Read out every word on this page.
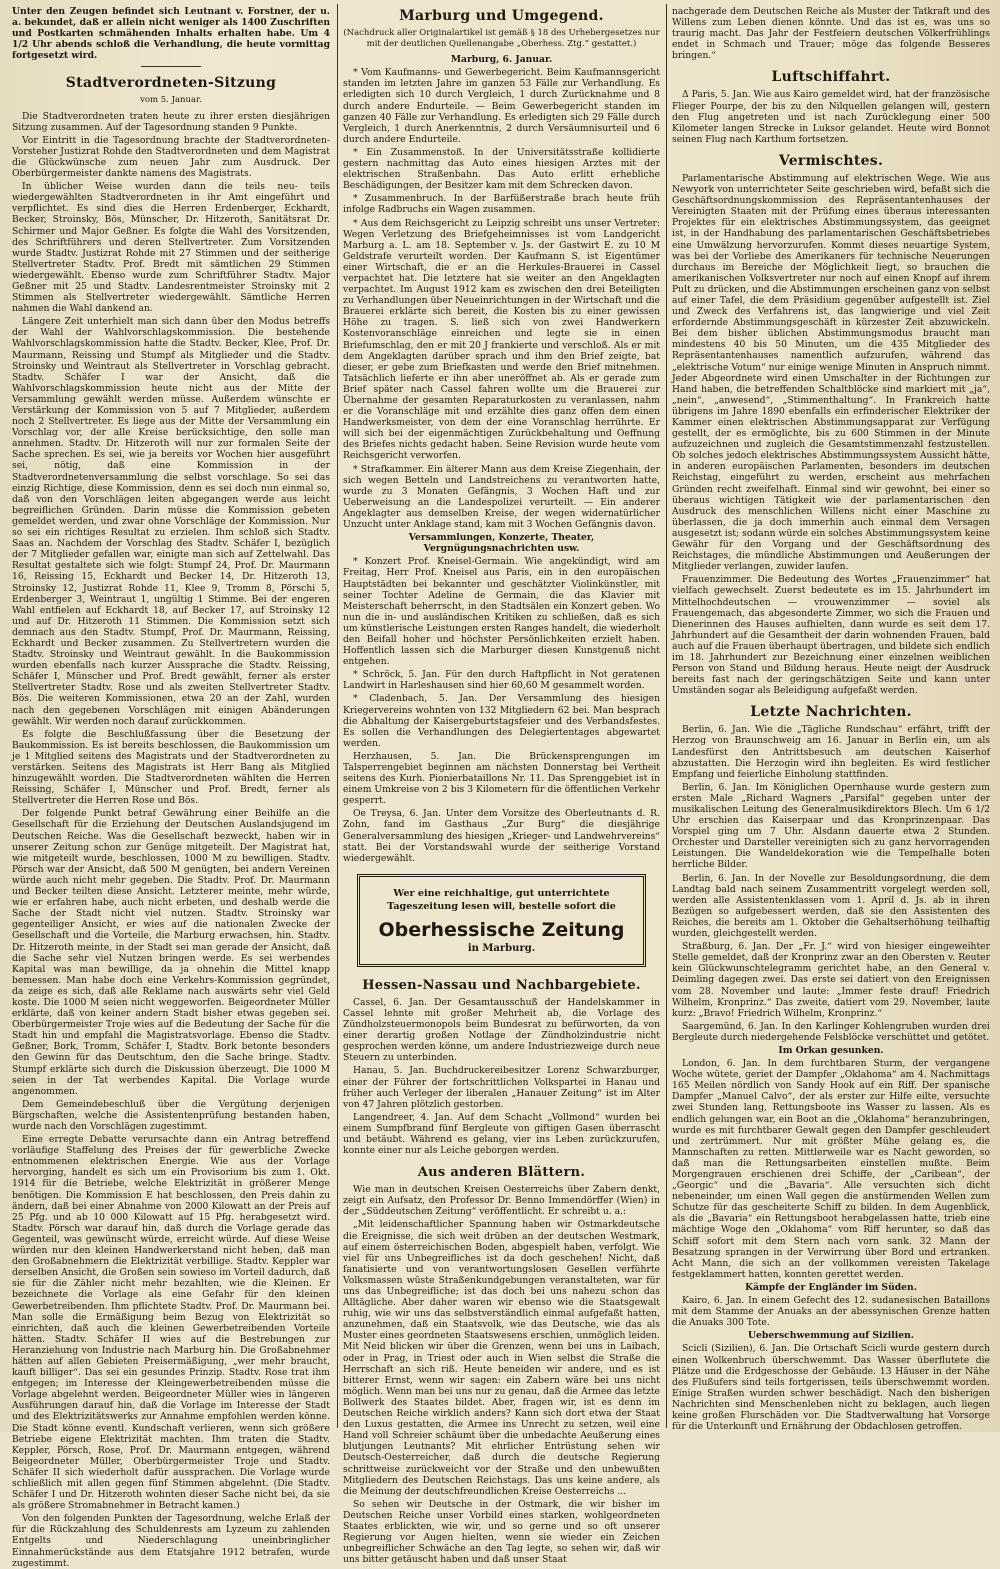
Unter den Zeugen befindet sich Leutnant v. Forstner, der u. a. bekundet, daß er allein nicht weniger als 1400 Zuschriften und Postkarten schmähenden Inhalts erhalten habe. Um 4 1/2 Uhr abends schloß die Verhandlung, die heute vormittag fortgesetzt wird.

Stadtverordneten-Sitzung
vom 5. Januar.

Die Stadtverordneten traten heute zu ihrer ersten diesjährigen Sitzung zusammen. Auf der Tagesordnung standen 9 Punkte.

Vor Eintritt in die Tagesordnung brachte der Stadtverordneten-Vorsteher Justizrat Rohde den Stadtverordneten und dem Magistrat die Glückwünsche zum neuen Jahr zum Ausdruck. Der Oberbürgermeister dankte namens des Magistrats.

In üblicher Weise wurden dann die teils neu- teils wiedergewählten Stadtverordneten in ihr Amt eingeführt und verpflichtet. Es sind dies die Herren Erdenberger, Eckhardt, Becker, Stroinsky, Bös, Münscher, Dr. Hitzeroth, Sanitätsrat Dr. Schirmer und Major Geßner. Es folgte die Wahl des Vorsitzenden, des Schriftführers und deren Stellvertreter. Zum Vorsitzenden wurde Stadtv. Justizrat Rohde mit 27 Stimmen und der seitherige Stellvertreter Stadtv. Prof. Bredt mit sämtlichen 29 Stimmen wiedergewählt. Ebenso wurde zum Schriftführer Stadtv. Major Geßner mit 25 und Stadtv. Landesrentmeister Stroinsky mit 2 Stimmen als Stellvertreter wiedergewählt. Sämtliche Herren nahmen die Wahl dankend an.

Längere Zeit unterhielt man sich dann über den Modus betreffs der Wahl der Wahlvorschlagskommission. Die bestehende Wahlvorschlagskommission hatte die Stadtv. Becker, Klee, Prof. Dr. Maurmann, Reissing und Stumpf als Mitglieder und die Stadtv. Stroinsky und Weintraut als Stellvertreter in Vorschlag gebracht. Stadtv. Schäfer I war der Ansicht, daß die Wahlvorschlagskommission heute nicht aus der Mitte der Versammlung gewählt werden müsse. Außerdem wünschte er Verstärkung der Kommission von 5 auf 7 Mitglieder, außerdem noch 2 Stellvertreter. Es liege aus der Mitte der Versammlung ein Vorschlag vor, der alle Kreise berücksichtige, den solle man annehmen. Stadtv. Dr. Hitzeroth will nur zur formalen Seite der Sache sprechen. Es sei, wie ja bereits vor Wochen hier ausgeführt sei, nötig, daß eine Kommission in der Stadtverordnetenversammlung die selbst vorschlage. So sei das einzig Richtige, diese Kommission, denn es sei doch nun einmal so, daß von den Vorschlägen leiten abgegangen werde aus leicht begreiflichen Gründen. Darin müsse die Kommission gebeten gemeldet werden, und zwar ohne Vorschläge der Kommission. Nur so sei ein richtiges Resultat zu erzielen. Ihm schloß sich Stadtv. Saas an. Nachdem der Vorschlag des Stadtv. Schäfer I, bezüglich der 7 Mitglieder gefallen war, einigte man sich auf Zettelwahl. Das Resultat gestaltete sich wie folgt: Stumpf 24, Prof. Dr. Maurmann 16, Reissing 15, Eckhardt und Becker 14, Dr. Hitzeroth 13, Stroinsky 12, Justizrat Rohde 11, Klee 9, Tromm 8, Pörschi 5, Erdenberger 3, Weintraut 1, ungültig 1 Stimme. Bei der engeren Wahl entfielen auf Eckhardt 18, auf Becker 17, auf Stroinsky 12 und auf Dr. Hitzeroth 11 Stimmen. Die Kommission setzt sich demnach aus den Stadtv. Stumpf, Prof. Dr. Maurmann, Reissing, Eckhardt und Becker zusammen. Zu Stellvertretern wurden die Stadtv. Stroinsky und Weintraut gewählt. In die Baukommission wurden ebenfalls nach kurzer Aussprache die Stadtv. Reissing, Schäfer I, Münscher und Prof. Bredt gewählt, ferner als erster Stellvertreter Stadtv. Rose und als zweiten Stellvertreter Stadtv. Bös. Die weiteren Kommissionen, etwa 20 an der Zahl, wurden nach den gegebenen Vorschlägen mit einigen Abänderungen gewählt. Wir werden noch darauf zurückkommen.

Es folgte die Beschlußfassung über die Besetzung der Baukommission. Es ist bereits beschlossen, die Baukommission um je 1 Mitglied seitens des Magistrats und der Stadtverordneten zu verstärken. Seitens des Magistrats ist Herr Bang als Mitglied hinzugewählt worden. Die Stadtverordneten wählten die Herren Reissing, Schäfer I, Münscher und Prof. Bredt, ferner als Stellvertreter die Herren Rose und Bös.

Der folgende Punkt betraf Gewährung einer Beihilfe an die Gesellschaft für die Erziehung der Deutschen Auslandsjugend im Deutschen Reiche. Was die Gesellschaft bezweckt, haben wir in unserer Zeitung schon zur Genüge mitgeteilt. Der Magistrat hat, wie mitgeteilt wurde, beschlossen, 1000 M zu bewilligen. Stadtv. Pörsch war der Ansicht, daß 500 M genügten, bei andern Vereinen würde auch nicht mehr gegeben. Die Stadtv. Prof. Dr. Maurmann und Becker teilten diese Ansicht. Letzterer meinte, mehr würde, wie er erfahren habe, auch nicht erbeten, und deshalb werde die Sache der Stadt nicht viel nutzen. Stadtv. Stroinsky war gegenteiliger Ansicht, er wies auf die nationalen Zwecke der Gesellschaft und die Vorteile, die Marburg erwachsen, hin. Stadtv. Dr. Hitzeroth meinte, in der Stadt sei man gerade der Ansicht, daß die Sache sehr viel Nutzen bringen werde. Es sei werbendes Kapital was man bewillige, da ja ohnehin die Mittel knapp bemessen. Man habe doch eine Verkehrs-Kommission gegründet, da zeige es sich, daß alle Reklame nach auswärts sehr viel Geld koste. Die 1000 M seien nicht weggeworfen. Beigeordneter Müller erklärte, daß von keiner andern Stadt bisher etwas gegeben sei. Oberbürgermeister Troje wies auf die Bedeutung der Sache für die Stadt hin und empfahl die Magistratsvorlage. Ebenso die Stadtv. Geßner, Bork, Tromm, Schäfer I, Stadtv. Bork betonte besonders den Gewinn für das Deutschtum, den die Sache bringe. Stadtv. Stumpf erklärte sich durch die Diskussion überzeugt. Die 1000 M seien in der Tat werbendes Kapital. Die Vorlage wurde angenommen.

Dem Gemeindebeschluß über die Vergütung derjenigen Bürgschaften, welche die Assistentenprüfung bestanden haben, wurde nach den Vorschlägen zugestimmt.

Eine erregte Debatte verursachte dann ein Antrag betreffend vorläufige Staffelung des Preises der für gewerbliche Zwecke entnommenen elektrischen Energie. Wie aus der Vorlage hervorging, handelt es sich um ein Provisorium bis zum 1. Okt. 1914 für die Betriebe, welche Elektrizität in größerer Menge benötigen. Die Kommission E hat beschlossen, den Preis dahin zu ändern, daß bei einer Abnahme von 2000 Kilowatt an der Preis auf 25 Pfg. und ab 10 000 Kilowatt auf 15 Pfg. herabgesetzt wird. Stadtv. Pörsch war darauf hin, daß durch die Vorlage gerade das Gegenteil, was gewünscht würde, erreicht würde. Auf diese Weise würden nur den kleinen Handwerkerstand nicht heben, daß man den Großabnehmern die Elektrizität verbillige. Stadtv. Keppler war derselben Ansicht, die Großen sein sowieso im Vorteil dadurch, daß sie für die Zähler nicht mehr bezahlten, wie die Kleinen. Er bezeichnete die Vorlage als eine Gefahr für den kleinen Gewerbetreibenden. Ihm pflichtete Stadtv. Prof. Dr. Maurmann bei. Man solle die Ermäßigung beim Bezug von Elektrizität so einrichten, daß auch die kleinen Gewerbetreibenden Vorteile hätten. Stadtv. Schäfer II wies auf die Bestrebungen zur Heranziehung von Industrie nach Marburg hin. Die Großabnehmer hätten auf allen Gebieten Preisermäßigung, „wer mehr braucht, kauft billiger“. Das sei ein gesundes Prinzip. Stadtv. Rose trat ihm entgegen; im Interesse der Kleingewerbetreibenden müsse die Vorlage abgelehnt werden. Beigeordneter Müller wies in längeren Ausführungen darauf hin, daß die Vorlage im Interesse der Stadt und des Elektrizitätswerks zur Annahme empfohlen werden könne. Die Stadt könne eventl. Kundschaft verlieren, wenn sich größere Betriebe eigene Elektrizität machten. Ihm traten die Stadtv. Keppler, Pörsch, Rose, Prof. Dr. Maurmann entgegen, während Beigeordneter Müller, Oberbürgermeister Troje und Stadtv. Schäfer II sich wiederholt dafür aussprachen. Die Vorlage wurde schließlich mit allen gegen fünf Stimmen abgelehnt. (Die Stadtv. Schäfer I und Dr. Hitzeroth wohnten dieser Sache nicht bei, da sie als größere Stromabnehmer in Betracht kamen.)

Von den folgenden Punkten der Tagesordnung, welche Erlaß der für die Rückzahlung des Schuldenrests am Lyzeum zu zahlenden Entgelts und Niederschlagung uneinbringlicher Einnahmerückstände aus dem Etatsjahre 1912 betrafen, wurde zugestimmt.

Marburg und Umgegend.
(Nachdruck aller Originalartikel ist gemäß § 18 des Urhebergesetzes nur mit der deutlichen Quellenangabe „Oberhess. Ztg.“ gestattet.)

Marburg, 6. Januar.

* Vom Kaufmanns- und Gewerbegericht. Beim Kaufmannsgericht standen im letzten Jahre im ganzen 53 Fälle zur Verhandlung. Es erledigten sich 10 durch Vergleich, 1 durch Zurücknahme und 8 durch andere Endurteile. — Beim Gewerbegericht standen im ganzen 40 Fälle zur Verhandlung. Es erledigten sich 29 Fälle durch Vergleich, 1 durch Anerkenntnis, 2 durch Versäumnisurteil und 6 durch andere Endurteile.

* Ein Zusammenstoß. In der Universitätsstraße kollidierte gestern nachmittag das Auto eines hiesigen Arztes mit der elektrischen Straßenbahn. Das Auto erlitt erhebliche Beschädigungen, der Besitzer kam mit dem Schrecken davon.

* Zusammenbruch. In der Barfüßerstraße brach heute früh infolge Radbruchs ein Wagen zusammen.

* Aus dem Reichsgericht zu Leipzig schreibt uns unser Vertreter: Wegen Verletzung des Briefgeheimnisses ist vom Landgericht Marburg a. L. am 18. September v. Js. der Gastwirt E. zu 10 M Geldstrafe verurteilt worden. Der Kaufmann S. ist Eigentümer einer Wirtschaft, die er an die Herkules-Brauerei in Cassel verpachtet hat. Die letztere hat sie weiter an den Angeklagten verpachtet. Im August 1912 kam es zwischen den drei Beteiligten zu Verhandlungen über Neueinrichtungen in der Wirtschaft und die Brauerei erklärte sich bereit, die Kosten bis zu einer gewissen Höhe zu tragen. S. ließ sich von zwei Handwerkern Kostenvoranschläge einreichen und legte sie in einen Briefumschlag, den er mit 20 J frankierte und verschloß. Als er mit dem Angeklagten darüber sprach und ihm den Brief zeigte, bat dieser, er gebe zum Briefkasten und werde den Brief mitnehmen. Tatsächlich lieferte er ihn aber uneröffnet ab. Als er gerade zum Brief später nach Cassel fahren wollte um die Brauerei zur Übernahme der gesamten Reparaturkosten zu veranlassen, nahm er die Voranschläge mit und erzählte dies ganz offen dem einen Handwerksmeister, von dem der eine Voranschlag herrührte. Er will sich bei der eigenmächtigen Zurückbehaltung und Oeffnung des Briefes nichts gedacht haben. Seine Revision wurde heute vom Reichsgericht verworfen.

* Strafkammer. Ein älterer Mann aus dem Kreise Ziegenhain, der sich wegen Betteln und Landstreichens zu verantworten hatte, wurde zu 3 Monaten Gefängnis, 3 Wochen Haft und zur Ueberweisung an die Landespolizei verurteilt. — Ein anderer Angeklagter aus demselben Kreise, der wegen widernatürlicher Unzucht unter Anklage stand, kam mit 3 Wochen Gefängnis davon.

Versammlungen, Konzerte, Theater, Vergnügungsnachrichten usw.

* Konzert Prof. Kneisel-Germain. Wie angekündigt, wird am Freitag, Herr Prof. Kneisel aus Paris, ein in den europäischen Hauptstädten bei bekannter und geschätzter Violinkünstler, mit seiner Tochter Adeline de Germain, die das Klavier mit Meisterschaft beherrscht, in den Stadtsälen ein Konzert geben. Wo nun die in- und ausländischen Kritiken zu schließen, daß es sich um künstlerische Leistungen ersten Ranges handelt, die wiederholt den Beifall hoher und höchster Persönlichkeiten erzielt haben. Hoffentlich lassen sich die Marburger diesen Kunstgenuß nicht entgehen.

* Schröck, 5. Jan. Für den durch Haftpflicht in Not geratenen Landwirt in Harleshausen sind hier 60,60 M gesammelt worden.

* Cladenbach, 5. Jan. Der Versammlung des hiesigen Kriegervereins wohnten von 132 Mitgliedern 62 bei. Man besprach die Abhaltung der Kaisergeburtstagsfeier und des Verbandsfestes. Es sollen die Verhandlungen des Delegiertentages abgewartet werden.

Herzhausen, 5. Jan. Die Brückensprengungen im Talsperrengebiet beginnen am nächsten Donnerstag bei Vertheit seitens des Kurh. Pionierbataillons Nr. 11. Das Sprenggebiet ist in einem Umkreise von 2 bis 3 Kilometern für die öffentlichen Verkehr gesperrt.

Oe Treysa, 6. Jan. Unter dem Vorsitze des Oberleutnants d. R. Zohn, fand im Gasthaus „Zur Burg“ die diesjährige Generalversammlung des hiesigen „Krieger- und Landwehrvereins“ statt. Bei der Vorstandswahl wurde der seitherige Vorstand wiedergewählt.

Wer eine reichhaltige, gut unterrichtete
Tageszeitung lesen will, bestelle sofort die
Oberhessische Zeitung
in Marburg.
Hessen-Nassau und Nachbargebiete.

Cassel, 6. Jan. Der Gesamtausschuß der Handelskammer in Cassel lehnte mit großer Mehrheit ab, die Vorlage des Zündholzsteuermonopols beim Bundesrat zu befürworten, da von einer derartig großen Notlage der Zündholzindustrie nicht gesprochen werden könne, um andere Industriezweige durch neue Steuern zu unterbinden.

Hanau, 5. Jan. Buchdruckereibesitzer Lorenz Schwarzburger, einer der Führer der fortschrittlichen Volkspartei in Hanau und früher auch Verleger der liberalen „Hanauer Zeitung“ ist im Alter von 47 Jahren plötzlich gestorben.

Langendreer, 4. Jan. Auf dem Schacht „Vollmond“ wurden bei einem Sumpfbrand fünf Bergleute von giftigen Gasen überrascht und betäubt. Während es gelang, vier ins Leben zurückzurufen, konnte einer nur als Leiche geborgen werden.

Aus anderen Blättern.

Wie man in deutschen Kreisen Oesterreichs über Zabern denkt, zeigt ein Aufsatz, den Professor Dr. Benno Immendörffer (Wien) in der „Süddeutschen Zeitung“ veröffentlicht. Er schreibt u. a.:

„Mit leidenschaftlicher Spannung haben wir Ostmarkdeutsche die Ereignisse, die sich weit drüben an der deutschen Westmark, auf einem österreichischen Boden, abgespielt haben, verfolgt. Wie viel für uns Unbegreifliches ist da doch geschehen! Nicht, daß fanatisierte und von verantwortungslosen Gesellen verführte Volksmassen wüste Straßenkundgebungen veranstalteten, war für uns das Unbegreifliche; ist das doch bei uns nahezu schon das Alltägliche. Aber daher waren wir ebenso wie die Staatsgewalt ruhig, wie wir uns das selbstverständlich einmal aufgefaßt hatten, anzunehmen, daß ein Staatsvolk, wie das Deutsche, wie das als Muster eines geordneten Staatswesens erschien, unmöglich leiden. Mit Neid blicken wir über die Grenzen, wenn bei uns in Laibach, oder in Prag, in Triest oder auch in Wien selbst die Straße die Herrschaft an sich riß. Heute beneiden wir andere, und es ist bitterer Ernst, wenn wir sagen: ein Zabern wäre bei uns nicht möglich. Wenn man bei uns nur zu genau, daß die Armee das letzte Bollwerk des Staates bildet. Aber, fragen wir, ist es denn im Deutschen Reiche wirklich anders? Kann sich dort etwa der Staat den Luxus gestatten, die Armee ins Unrecht zu setzen, weil eine Hand voll Schreier schäumt über die unbedachte Aeußerung eines blutjungen Leutnants? Mit ehrlicher Entrüstung sehen wir Deutsch-Oesterreicher, daß durch die deutsche Regierung schrittweise zurückweicht vor der Straße und den unbewußten Mitgliedern des Deutschen Reichstags. Das uns keine andere, als die Meinung der deutschfreundlichen Kreise Oesterreichs ...

So sehen wir Deutsche in der Ostmark, die wir bisher im Deutschen Reiche unser Vorbild eines starken, wohlgeordneten Staates erblickten, wie wir, und so gerne und so oft unserer Regierung vor Augen hielten, wenn sie wieder ein Zeichen unbegreiflicher Schwäche an den Tag legte, so sehen wir, daß wir uns bitter getäuscht haben und daß unser Staat

nachgerade dem Deutschen Reiche als Muster der Tatkraft und des Willens zum Leben dienen könnte. Und das ist es, was uns so traurig macht. Das Jahr der Festfeiern deutschen Völkerfrühlings endet in Schmach und Trauer; möge das folgende Besseres bringen.“

Luftschiffahrt.

Δ Paris, 5. Jan. Wie aus Kairo gemeldet wird, hat der französische Flieger Pourpe, der bis zu den Nilquellen gelangen will, gestern den Flug angetreten und ist nach Zurücklegung einer 500 Kilometer langen Strecke in Luksor gelandet. Heute wird Bonnot seinen Flug nach Karthum fortsetzen.

Vermischtes.

Parlamentarische Abstimmung auf elektrischen Wege. Wie aus Newyork von unterrichteter Seite geschrieben wird, befaßt sich die Geschäftsordnungskommission des Repräsentantenhauses der Vereinigten Staaten mit der Prüfung eines überaus interessanten Projektes für ein elektrisches Abstimmungssystem, das geeignet ist, in der Handhabung des parlamentarischen Geschäftsbetriebes eine Umwälzung hervorzurufen. Kommt dieses neuartige System, was bei der Vorliebe des Amerikaners für technische Neuerungen durchaus im Bereiche der Möglichkeit liegt, so brauchen die amerikanischen Volksvertreter nur noch auf einen Knopf auf ihrem Pult zu drücken, und die Abstimmungen erscheinen ganz von selbst auf einer Tafel, die dem Präsidium gegenüber aufgestellt ist. Ziel und Zweck des Verfahrens ist, das langwierige und viel Zeit erfordernde Abstimmungsgeschäft in kürzester Zeit abzuwickeln. Bei dem bisher üblichen Abstimmungsmodus braucht man mindestens 40 bis 50 Minuten, um die 435 Mitglieder des Repräsentantenhauses namentlich aufzurufen, während das „elektrische Votum“ nur einige wenige Minuten in Anspruch nimmt. Jeder Abgeordnete wird einen Umschalter in der Richtungen zur Hand haben, die betreffenden Schaltblöcke sind markiert mit „ja“, „nein“, „anwesend“, „Stimmenthaltung“. In Frankreich hatte übrigens im Jahre 1890 ebenfalls ein erfinderischer Elektriker der Kammer einen elektrischen Abstimmungsapparat zur Verfügung gestellt, der es ermöglichte, bis zu 600 Stimmen in der Minute aufzuzeichnen und zugleich die Gesamtstimmenzahl festzustellen. Ob solches jedoch elektrisches Abstimmungssystem Aussicht hätte, in anderen europäischen Parlamenten, besonders im deutschen Reichstag, eingeführt zu werden, erscheint aus mehrfachen Gründen recht zweifelhaft. Einmal sind wir gewohnt, bei einer so überaus wichtigen Tätigkeit wie der parlamentarischen den Ausdruck des menschlichen Willens nicht einer Maschine zu überlassen, die ja doch immerhin auch einmal dem Versagen ausgesetzt ist; sodann würde ein solches Abstimmungssystem keine Gewähr für den Vorgang und der Geschäftsordnung des Reichstages, die mündliche Abstimmungen und Aeußerungen der Mitglieder verlangen, zuwider laufen.

Frauenzimmer. Die Bedeutung des Wortes „Frauenzimmer“ hat vielfach gewechselt. Zuerst bedeutete es im 15. Jahrhundert im Mittelhochdeutschen — vrouwenzimmer — soviel als Frauengemach, das abgesonderte Zimmer, wo sich die Frauen und Dienerinnen des Hauses aufhielten, dann wurde es seit dem 17. Jahrhundert auf die Gesamtheit der darin wohnenden Frauen, bald auch auf die Frauen überhaupt übertragen, und bildete sich endlich im 18. Jahrhundert zur Bezeichnung einer einzelnen weiblichen Person von Stand und Bildung heraus. Heute neigt der Ausdruck bereits fast nach der geringschätzigen Seite und kann unter Umständen sogar als Beleidigung aufgefaßt werden.

Letzte Nachrichten.

Berlin, 6. Jan. Wie die „Tägliche Rundschau“ erfährt, trifft der Herzog von Braunschweig am 16. Januar in Berlin ein, um als Landesfürst den Antrittsbesuch am deutschen Kaiserhof abzustatten. Die Herzogin wird ihn begleiten. Es wird festlicher Empfang und feierliche Einholung stattfinden.

Berlin, 6. Jan. Im Königlichen Opernhause wurde gestern zum ersten Male „Richard Wagners „Parsifal“ gegeben unter der musikalischen Leitung des Generalmusikdirektors Blech. Um 6 1/2 Uhr erschien das Kaiserpaar und das Kronprinzenpaar. Das Vorspiel ging um 7 Uhr. Alsdann dauerte etwa 2 Stunden. Orchester und Darsteller vereinigten sich zu ganz hervorragenden Leistungen. Die Wandeldekoration wie die Tempelhalle boten herrliche Bilder.

Berlin, 6. Jan. In der Novelle zur Besoldungsordnung, die dem Landtag bald nach seinem Zusammentritt vorgelegt werden soll, werden alle Assistentenklassen vom 1. April d. Js. ab in ihren Bezügen so aufgebessert werden, daß sie den Assistenten des Reiches, die bereits am 1. Oktober die Gehaltserhöhung teilhaftig wurden, gleichgestellt werden.

Straßburg, 6. Jan. Der „Fr. J.“ wird von hiesiger eingeweihter Stelle gemeldet, daß der Kronprinz zwar an den Obersten v. Reuter kein Glückwunschtelegramm gerichtet habe, an den General v. Deimling dagegen zwei. Das erste sei datiert von den Ereignissen vom 28. November und laute: „Immer feste drauf! Friedrich Wilhelm, Kronprinz.“ Das zweite, datiert vom 29. November, laute kurz: „Bravo! Friedrich Wilhelm, Kronprinz.“

Saargemünd, 6. Jan. In den Karlinger Kohlengruben wurden drei Bergleute durch niedergehende Felsblöcke verschüttet und getötet.

Im Orkan gesunken.

London, 6. Jan. In dem furchtbaren Sturm, der vergangene Woche wütete, geriet der Dampfer „Oklahoma“ am 4. Nachmittags 165 Meilen nördlich von Sandy Hook auf ein Riff. Der spanische Dampfer „Manuel Calvo“, der als erster zur Hilfe eilte, versuchte zwei Stunden lang, Rettungsboote ins Wasser zu lassen. Als es endlich gelungen war, ein Boot an die „Oklahoma“ heranzubringen, wurde es mit furchtbarer Gewalt gegen den Dampfer geschleudert und zertrümmert. Nur mit größter Mühe gelang es, die Mannschaften zu retten. Mittlerweile war es Nacht geworden, so daß man die Rettungsarbeiten einstellen mußte. Beim Morgengrauen erschienen drei Schiffe, der „Caribean“, der „Georgic“ und die „Bavaria“. Alle versuchten sich dicht nebeneinder, um einen Wall gegen die anstürmenden Wellen zum Schutze für das gescheiterte Schiff zu bilden. In dem Augenblick, als die „Bavaria“ ein Rettungsboot herabgelassen hatte, trieb eine mächtige Woge den „Oklahoma“ vom Riff herunter, so daß das Schiff sofort mit dem Stern nach vorn sank. 32 Mann der Besatzung sprangen in der Verwirrung über Bord und ertranken. Acht Mann, die sich an der vollkommen vereisten Takelage festgeklammert hatten, konnten gerettet werden.

Kämpfe der Engländer im Süden.

Kairo, 6. Jan. In einem Gefecht des 12. sudanesischen Bataillons mit dem Stamme der Anuaks an der abessynischen Grenze hatten die Anuaks 300 Tote.

Ueberschwemmung auf Sizilien.

Scicli (Sizilien), 6. Jan. Die Ortschaft Scicli wurde gestern durch einen Wolkenbruch überschwemmt. Das Wasser überflutete die Plätze und die Erdgeschosse der Gebäude. 13 Häuser in der Nähe des Flußufers sind teils fortgerissen, teils überschwemmt worden. Einige Straßen wurden schwer beschädigt. Nach den bisherigen Nachrichten sind Menschenleben nicht zu beklagen, auch liegen keine großen Flurschäden vor. Die Stadtverwaltung hat Vorsorge für die Unterkunft und Ernährung der Obdachlosen getroffen.
